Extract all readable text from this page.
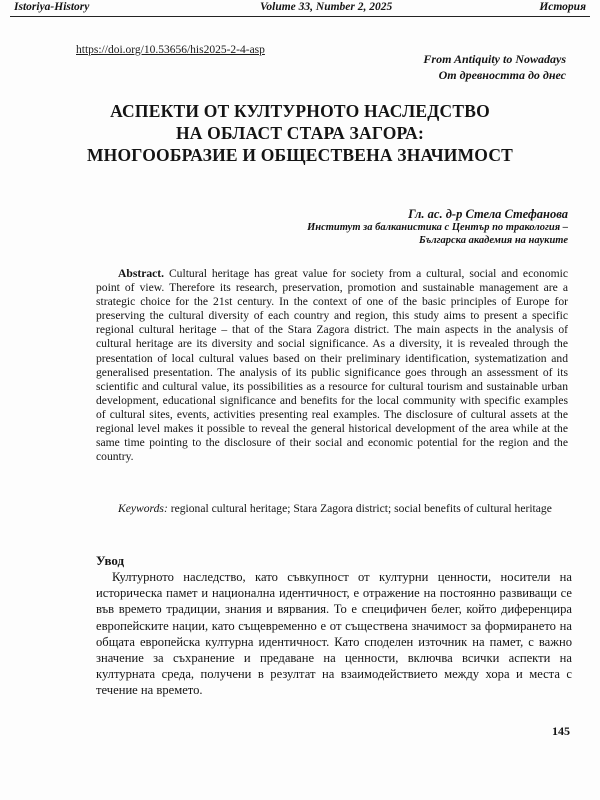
Istoriya-History	Volume 33, Number 2, 2025	История
https://doi.org/10.53656/his2025-2-4-asp
From Antiquity to Nowadays
От древността до днес
АСПЕКТИ ОТ КУЛТУРНОТО НАСЛЕДСТВО
НА ОБЛАСТ СТАРА ЗАГОРА:
МНОГООБРАЗИЕ И ОБЩЕСТВЕНА ЗНАЧИМОСТ
Гл. ас. д-р Стела Стефанова
Институт за балканистика с Център по тракология –
Българска академия на науките

Abstract. Cultural heritage has great value for society from a cultural, social and economic point of view. Therefore its research, preservation, promotion and sustainable management are a strategic choice for the 21st century. In the context of one of the basic principles of Europe for preserving the cultural diversity of each country and region, this study aims to present a specific regional cultural heritage – that of the Stara Zagora district. The main aspects in the analysis of cultural heritage are its diversity and social significance. As a diversity, it is revealed through the presentation of local cultural values based on their preliminary identification, systematization and generalised presentation. The analysis of its public significance goes through an assessment of its scientific and cultural value, its possibilities as a resource for cultural tourism and sustainable urban development, educational significance and benefits for the local community with specific examples of cultural sites, events, activities presenting real examples. The disclosure of cultural assets at the regional level makes it possible to reveal the general historical development of the area while at the same time pointing to the disclosure of their social and economic potential for the region and the country.

Keywords: regional cultural heritage; Stara Zagora district; social benefits of cultural heritage

Увод

Културното наследство, като съвкупност от културни ценности, носители на историческа памет и национална идентичност, е отражение на постоянно развиващи се във времето традиции, знания и вярвания. То е специфичен белег, който диференцира европейските нации, като същевременно е от съществена значимост за формирането на общата европейска културна идентичност. Като споделен източник на памет, с важно значение за съхранение и предаване на ценности, включва всички аспекти на културната среда, получени в резултат на взаимодействието между хора и места с течение на времето.

145
